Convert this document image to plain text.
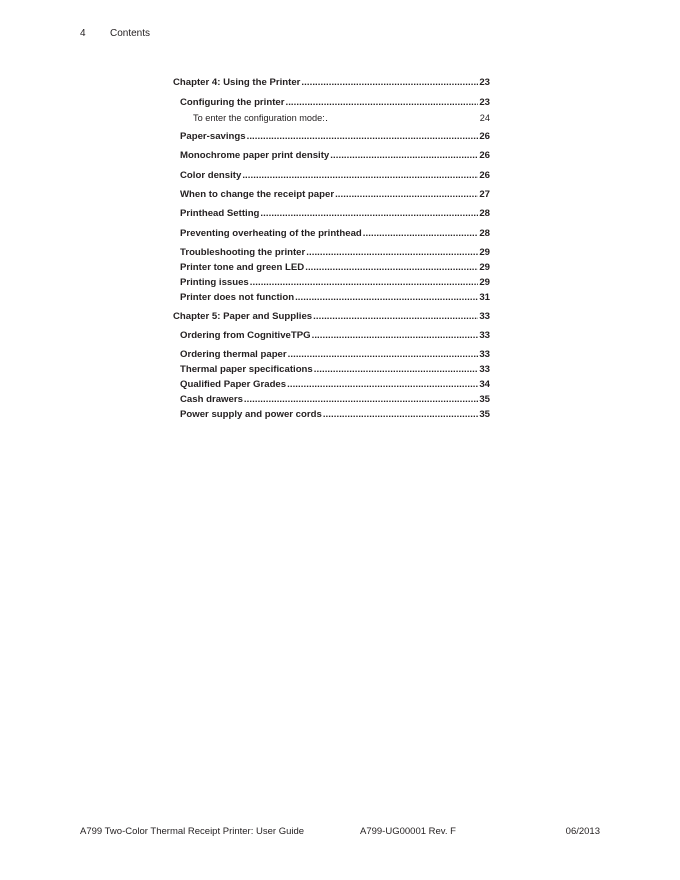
4 Contents
Chapter 4: Using the Printer . . .	23
Configuring the printer . . .	23
To enter the configuration mode: . . .	24
Paper-savings . . .	26
Monochrome paper print density . . .	26
Color density . . .	26
When to change the receipt paper . . .	27
Printhead Setting . . .	28
Preventing overheating of the printhead . . .	28
Troubleshooting the printer . . .	29
Printer tone and green LED . . .	29
Printing issues . . .	29
Printer does not function . . .	31
Chapter 5: Paper and Supplies . . .	33
Ordering from CognitiveTPG . . .	33
Ordering thermal paper . . .	33
Thermal paper specifications . . .	33
Qualified Paper Grades . . .	34
Cash drawers . . .	35
Power supply and power cords . . .	35
A799 Two-Color Thermal Receipt Printer: User Guide	A799-UG00001 Rev. F	06/2013
